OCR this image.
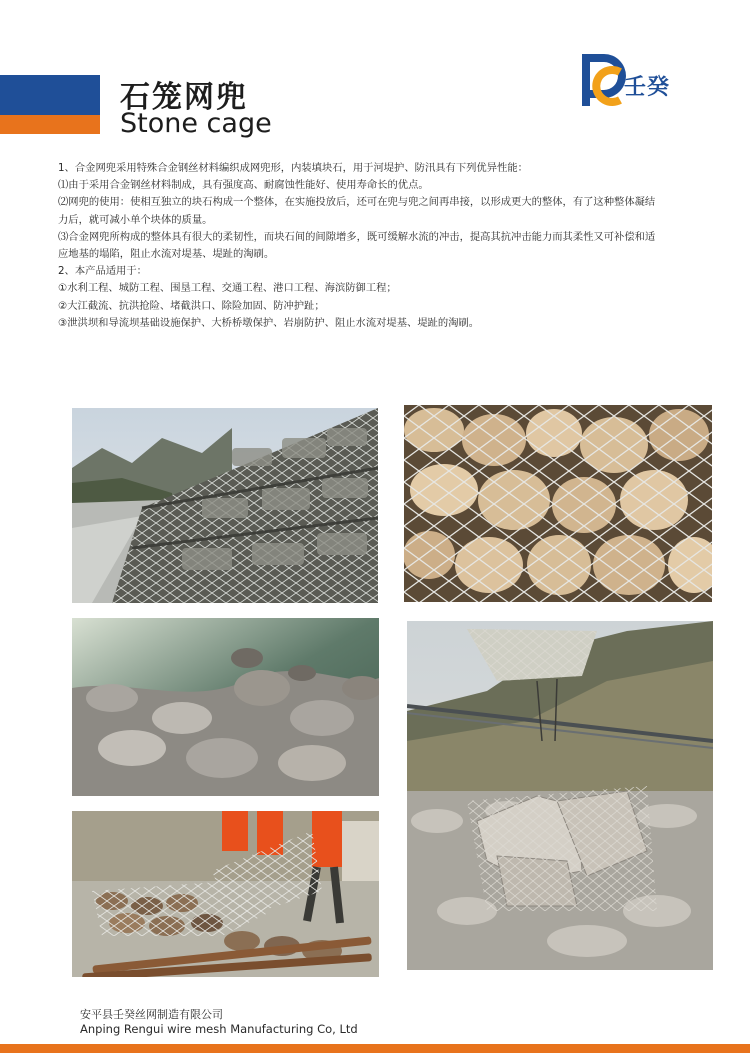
石笼网兜
Stone cage
壬癸

1、合金网兜采用特殊合金钢丝材料编织成网兜形，内装填块石，用于河堤护、防汛具有下列优异性能：

⑴由于采用合金钢丝材料制成，具有强度高、耐腐蚀性能好、使用寿命长的优点。

⑵网兜的使用：使相互独立的块石构成一个整体，在实施投放后，还可在兜与兜之间再串接，以形成更大的整体，有了这种整体凝结

力后，就可减小单个块体的质量。

⑶合金网兜所构成的整体具有很大的柔韧性，而块石间的间隙增多，既可缓解水流的冲击，提高其抗冲击能力而其柔性又可补偿和适

应地基的塌陷，阻止水流对堤基、堤趾的淘刷。

2、本产品适用于：

①水利工程、城防工程、围垦工程、交通工程、港口工程、海滨防御工程；

②大江截流、抗洪抢险、堵截洪口、除险加固、防冲护趾；

③泄洪坝和导流坝基础设施保护、大桥桥墩保护、岩崩防护、阻止水流对堤基、堤趾的淘刷。

安平县壬癸丝网制造有限公司
Anping Rengui wire mesh Manufacturing Co, Ltd
